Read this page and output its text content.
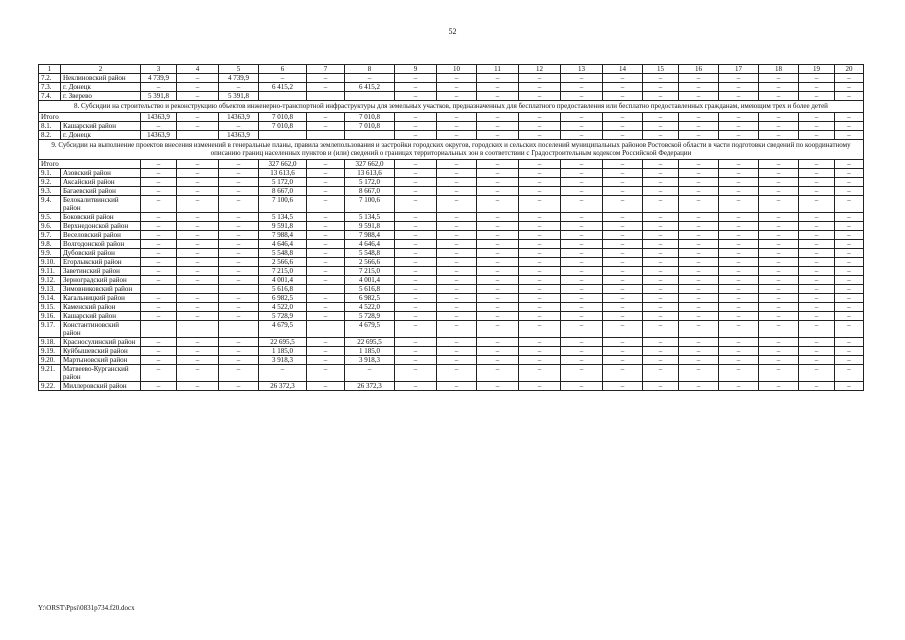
52
1	2	3	4	5	6	7	8	9	10	11	12	13	14	15	16	17	18	19	20
7.2.	Неклиновский район	4 739,9	–	4 739,9	–	–	–	–	–	–	–	–	–	–	–	–	–	–	–
7.3.	г. Донецк	–	–	–	6 415,2	–	6 415,2	–	–	–	–	–	–	–	–	–	–	–	–
7.4.	г. Зверево	5 391,8	–	5 391,8				–	–	–	–	–	–	–	–	–	–	–	–
8. Субсидии на строительство и реконструкцию объектов инженерно-транспортной инфраструктуры для земельных участков, предназначенных для бесплатного предоставления или бесплатно предоставленных гражданам, имеющим трех и более детей																			
Итого		14363,9	–	14363,9	7 010,8	–	7 010,8	–	–	–	–	–	–	–	–	–	–	–	–
8.1.	Кашарский район	–	–	–	7 010,8	–	7 010,8	–	–	–	–	–	–	–	–	–	–	–	–
8.2.	г. Донецк	14363,9		14363,9				–	–	–	–	–	–	–	–	–	–	–	–
9. Субсидии на выполнение проектов внесения изменений в генеральные планы, правила землепользования и застройки городских округов, городских и сельских поселений муниципальных районов Ростовской области в части подготовки сведений по координатному описанию границ населенных пунктов и (или) сведений о границах территориальных зон в соответствии с Градостроительным кодексом Российской Федерации																			
Итого		–	–	–	327 662,0	–	327 662,0	–	–	–	–	–	–	–	–	–	–	–	–
9.1.	Азовский район	–	–	–	13 613,6	–	13 613,6	–	–	–	–	–	–	–	–	–	–	–	–
9.2.	Аксайский район	–	–	–	5 172,0	–	5 172,0	–	–	–	–	–	–	–	–	–	–	–	–
9.3.	Багаевский район	–	–	–	8 667,0	–	8 667,0	–	–	–	–	–	–	–	–	–	–	–	–
9.4.	Белокалитвинский район	–	–	–	7 100,6	–	7 100,6	–	–	–	–	–	–	–	–	–	–	–	–
9.5.	Боковский район	–	–	–	5 134,5	–	5 134,5	–	–	–	–	–	–	–	–	–	–	–	–
9.6.	Верхнедонской район	–	–	–	9 591,8	–	9 591,8	–	–	–	–	–	–	–	–	–	–	–	–
9.7.	Веселовский район	–	–	–	7 988,4	–	7 988,4	–	–	–	–	–	–	–	–	–	–	–	–
9.8.	Волгодонской район	–	–	–	4 646,4	–	4 646,4	–	–	–	–	–	–	–	–	–	–	–	–
9.9.	Дубовский район	–	–	–	5 548,8	–	5 548,8	–	–	–	–	–	–	–	–	–	–	–	–
9.10.	Егорлыкский район	–	–	–	2 566,6	–	2 566,6	–	–	–	–	–	–	–	–	–	–	–	–
9.11.	Заветинский район	–	–	–	7 215,0	–	7 215,0	–	–	–	–	–	–	–	–	–	–	–	–
9.12.	Зерноградский район	–	–	–	4 001,4	–	4 001,4	–	–	–	–	–	–	–	–	–	–	–	–
9.13.	Зимовниковский район				5 616,8		5 616,8	–	–	–	–	–	–	–	–	–	–	–	–
9.14.	Кагальницкий район	–	–	–	6 982,5	–	6 982,5	–	–	–	–	–	–	–	–	–	–	–	–
9.15.	Каменский район	–	–	–	4 522,0	–	4 522,0	–	–	–	–	–	–	–	–	–	–	–	–
9.16.	Кашарский район	–	–	–	5 728,9	–	5 728,9	–	–	–	–	–	–	–	–	–	–	–	–
9.17.	Константиновский район				4 679,5		4 679,5	–	–	–	–	–	–	–	–	–	–	–	–
9.18.	Красносулинский район	–	–	–	22 695,5	–	22 695,5	–	–	–	–	–	–	–	–	–	–	–	–
9.19.	Куйбышевский район	–	–	–	1 185,0	–	1 185,0	–	–	–	–	–	–	–	–	–	–	–	–
9.20.	Мартыновский район	–	–	–	3 918,3	–	3 918,3	–	–	–	–	–	–	–	–	–	–	–	–
9.21.	Матвеево-Курганский район	–	–	–	–	–	–	–	–	–	–	–	–	–	–	–	–	–	–
9.22.	Миллеровский район	–	–	–	26 372,3	–	26 372,3	–	–	–	–	–	–	–	–	–	–	–	–
Y:\ORST\Ppsi\0831p734.f20.docx
